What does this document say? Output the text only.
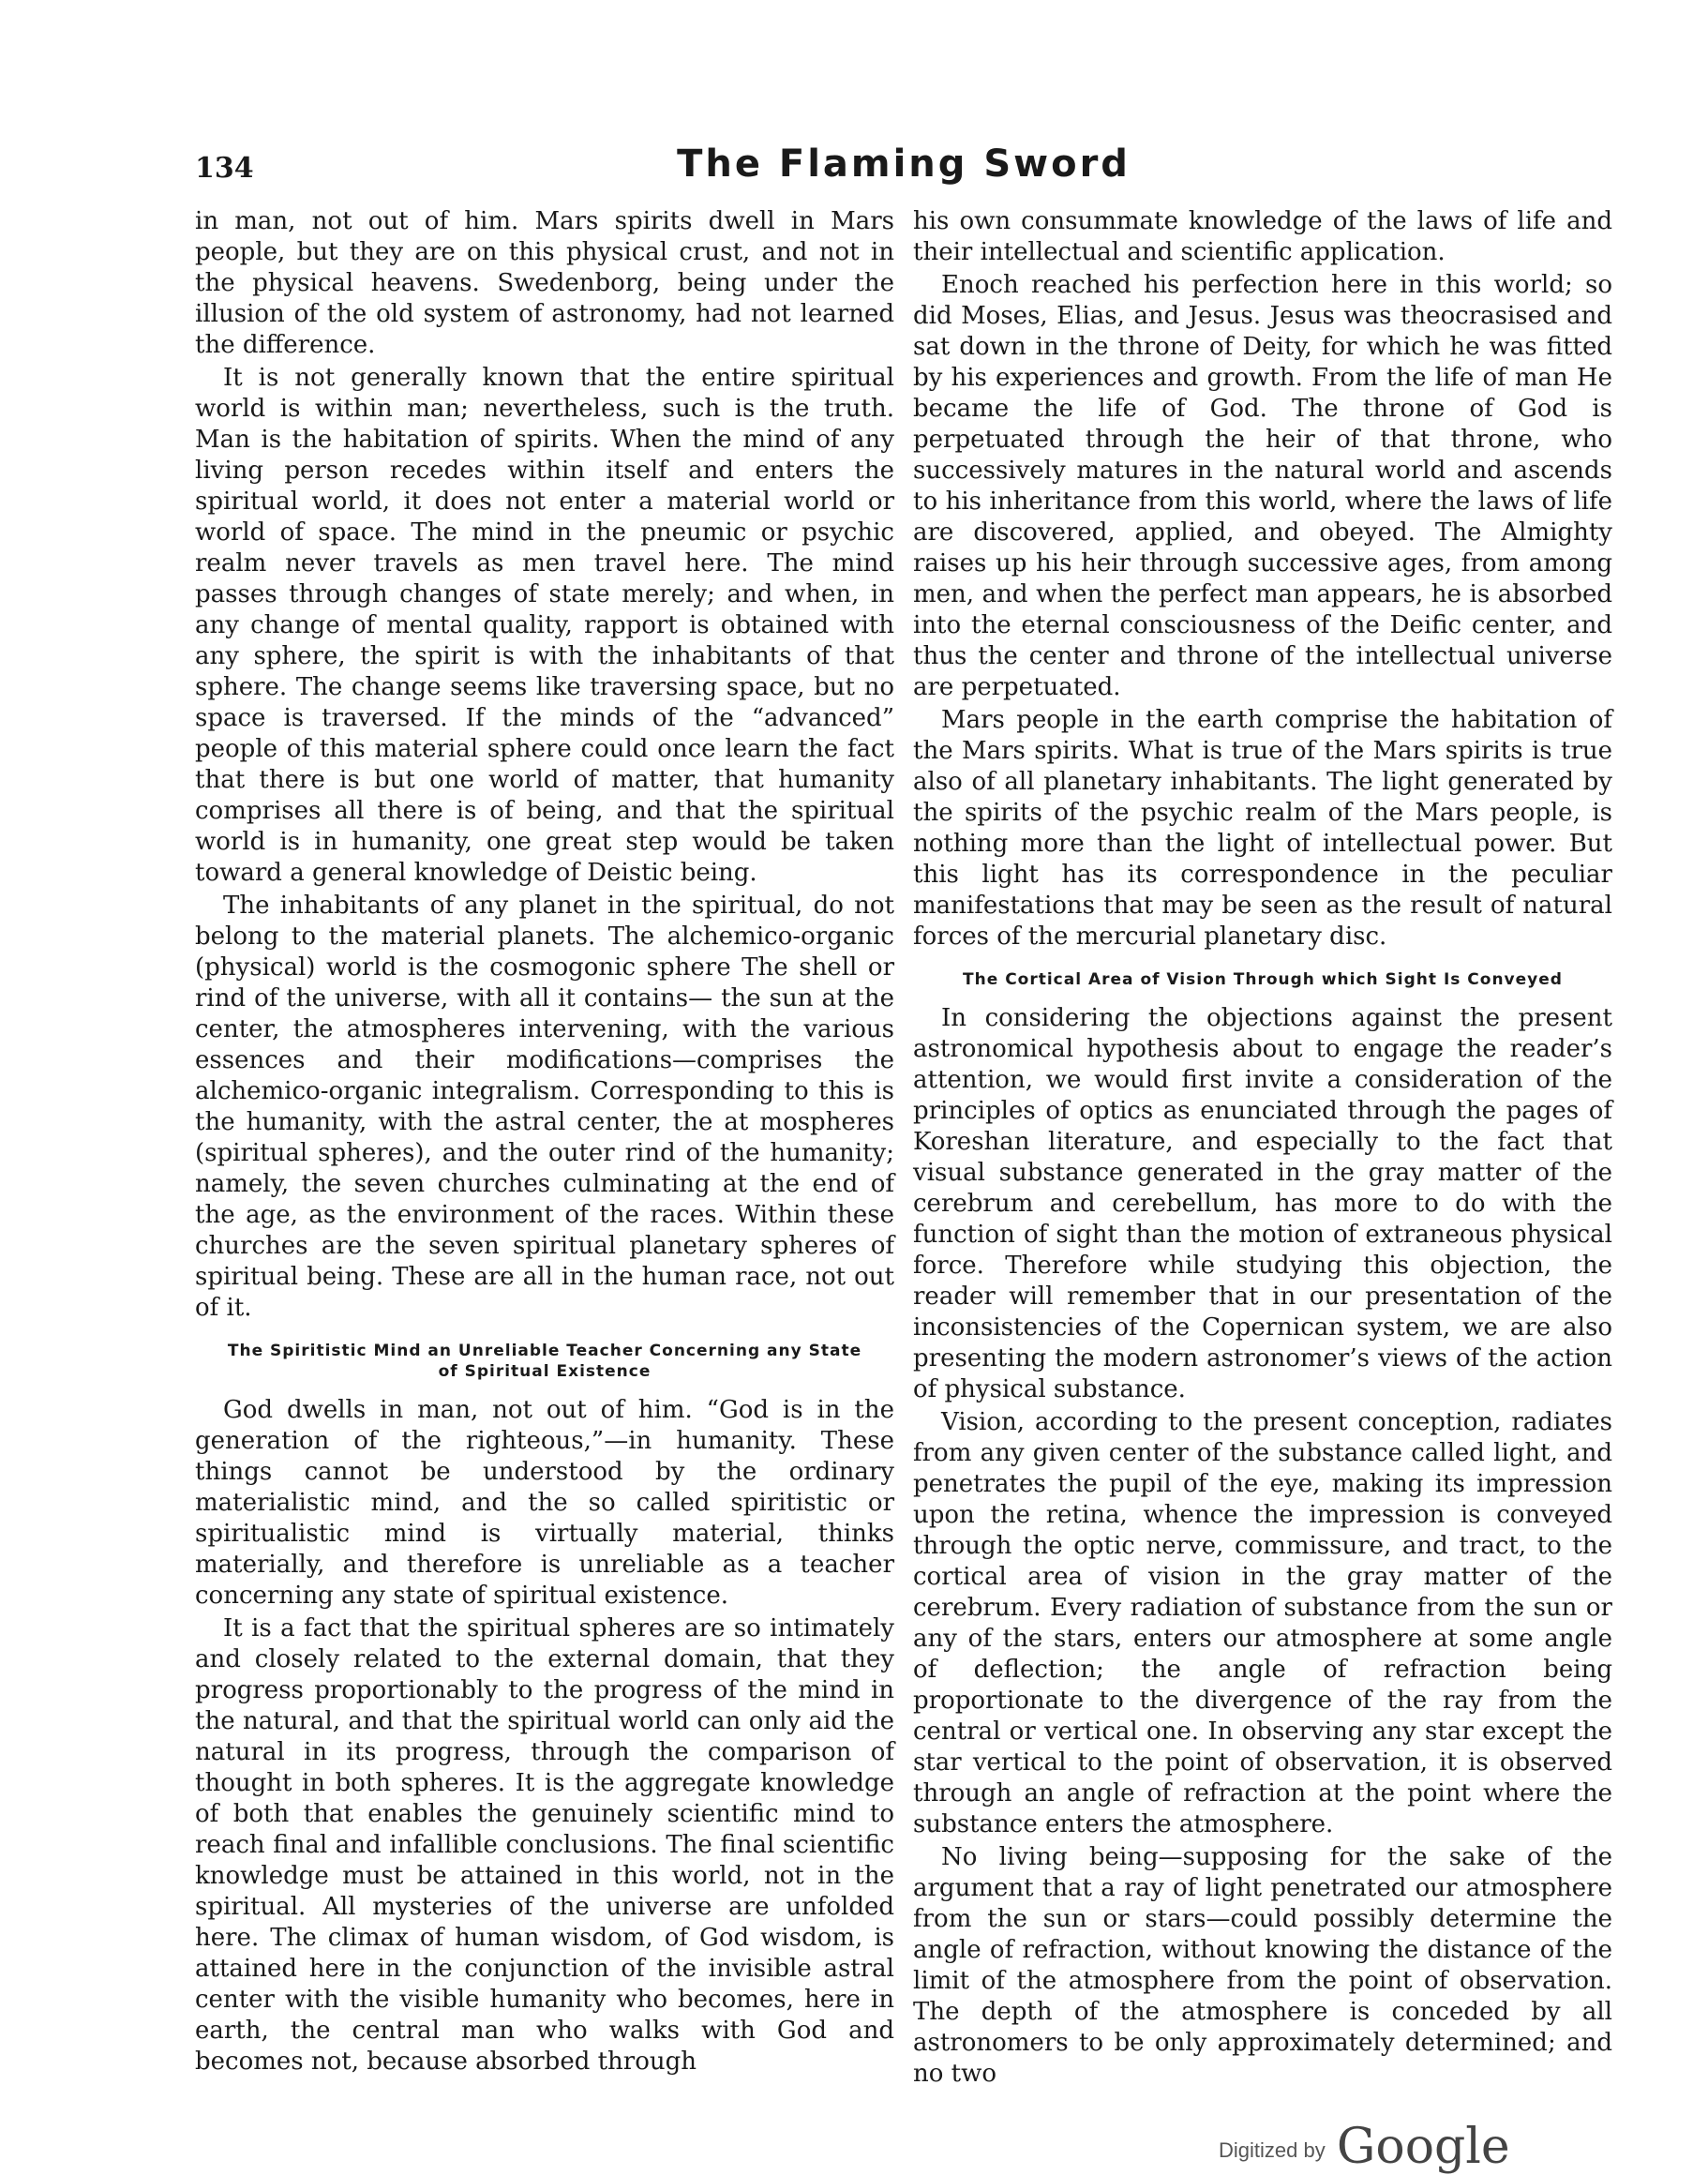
134	The Flaming Sword

in man, not out of him. Mars spirits dwell in Mars people, but they are on this physical crust, and not in the physical heavens. Swedenborg, being under the illusion of the old system of astronomy, had not learned the difference.

It is not generally known that the entire spiritual world is within man; nevertheless, such is the truth. Man is the habitation of spirits. When the mind of any living person recedes within itself and enters the spiritual world, it does not enter a material world or world of space. The mind in the pneumic or psychic realm never travels as men travel here. The mind passes through changes of state merely; and when, in any change of mental quality, rapport is obtained with any sphere, the spirit is with the inhabitants of that sphere. The change seems like traversing space, but no space is traversed. If the minds of the “advanced” people of this material sphere could once learn the fact that there is but one world of matter, that humanity comprises all there is of being, and that the spiritual world is in humanity, one great step would be taken toward a general knowledge of Deistic being.

The inhabitants of any planet in the spiritual, do not belong to the material planets. The alchemico-organic (physical) world is the cosmogonic sphere The shell or rind of the universe, with all it contains— the sun at the center, the atmospheres intervening, with the various essences and their modifications—comprises the alchemico-organic integralism. Corresponding to this is the humanity, with the astral center, the at mospheres (spiritual spheres), and the outer rind of the humanity; namely, the seven churches culminating at the end of the age, as the environment of the races. Within these churches are the seven spiritual planetary spheres of spiritual being. These are all in the human race, not out of it.

The Spiritistic Mind an Unreliable Teacher Concerning any State of Spiritual Existence

God dwells in man, not out of him. “God is in the generation of the righteous,”—in humanity. These things cannot be understood by the ordinary materialistic mind, and the so called spiritistic or spiritualistic mind is virtually material, thinks materially, and therefore is unreliable as a teacher concerning any state of spiritual existence.

It is a fact that the spiritual spheres are so intimately and closely related to the external domain, that they progress proportionably to the progress of the mind in the natural, and that the spiritual world can only aid the natural in its progress, through the comparison of thought in both spheres. It is the aggregate knowledge of both that enables the genuinely scientific mind to reach final and infallible conclusions. The final scientific knowledge must be attained in this world, not in the spiritual. All mysteries of the universe are unfolded here. The climax of human wisdom, of God wisdom, is attained here in the conjunction of the invisible astral center with the visible humanity who becomes, here in earth, the central man who walks with God and becomes not, because absorbed through

his own consummate knowledge of the laws of life and their intellectual and scientific application.

Enoch reached his perfection here in this world; so did Moses, Elias, and Jesus. Jesus was theocrasised and sat down in the throne of Deity, for which he was fitted by his experiences and growth. From the life of man He became the life of God. The throne of God is perpetuated through the heir of that throne, who successively matures in the natural world and ascends to his inheritance from this world, where the laws of life are discovered, applied, and obeyed. The Almighty raises up his heir through successive ages, from among men, and when the perfect man appears, he is absorbed into the eternal consciousness of the Deific center, and thus the center and throne of the intellectual universe are perpetuated.

Mars people in the earth comprise the habitation of the Mars spirits. What is true of the Mars spirits is true also of all planetary inhabitants. The light generated by the spirits of the psychic realm of the Mars people, is nothing more than the light of intellectual power. But this light has its correspondence in the peculiar manifestations that may be seen as the result of natural forces of the mercurial planetary disc.

The Cortical Area of Vision Through which Sight Is Conveyed

In considering the objections against the present astronomical hypothesis about to engage the reader’s attention, we would first invite a consideration of the principles of optics as enunciated through the pages of Koreshan literature, and especially to the fact that visual substance generated in the gray matter of the cerebrum and cerebellum, has more to do with the function of sight than the motion of extraneous physical force. Therefore while studying this objection, the reader will remember that in our presentation of the inconsistencies of the Copernican system, we are also presenting the modern astronomer’s views of the action of physical substance.

Vision, according to the present conception, radiates from any given center of the substance called light, and penetrates the pupil of the eye, making its impression upon the retina, whence the impression is conveyed through the optic nerve, commissure, and tract, to the cortical area of vision in the gray matter of the cerebrum. Every radiation of substance from the sun or any of the stars, enters our atmosphere at some angle of deflection; the angle of refraction being proportionate to the divergence of the ray from the central or vertical one. In observing any star except the star vertical to the point of observation, it is observed through an angle of refraction at the point where the substance enters the atmosphere.

No living being—supposing for the sake of the argument that a ray of light penetrated our atmosphere from the sun or stars—could possibly determine the angle of refraction, without knowing the distance of the limit of the atmosphere from the point of observation. The depth of the atmosphere is conceded by all astronomers to be only approximately determined; and no two

Digitized by Google
